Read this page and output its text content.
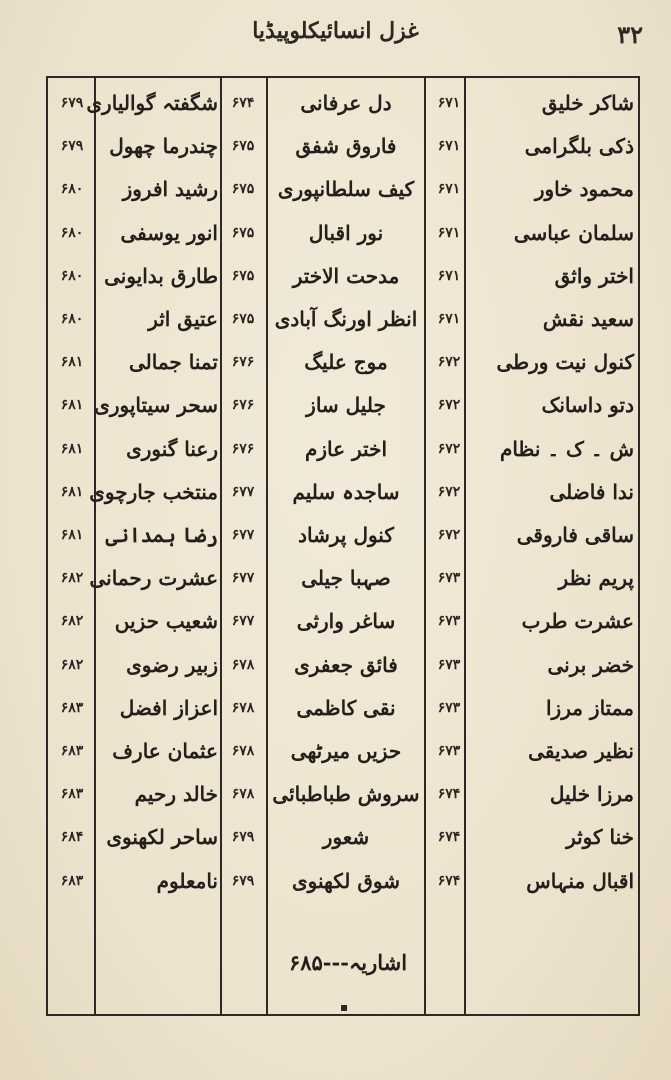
غزل انسائیکلوپیڈیا	۳۲
شاکر خلیق
۶۷۱
دل عرفانی
۶۷۴
شگفتہ گوالیاری
۶۷۹
ذکی بلگرامی
۶۷۱
فاروق شفق
۶۷۵
چندرما چھول
۶۷۹
محمود خاور
۶۷۱
کیف سلطانپوری
۶۷۵
رشید افروز
۶۸۰
سلمان عباسی
۶۷۱
نور اقبال
۶۷۵
انور یوسفی
۶۸۰
اختر واثق
۶۷۱
مدحت الاختر
۶۷۵
طارق بدایونی
۶۸۰
سعید نقش
۶۷۱
انظر اورنگ آبادی
۶۷۵
عتیق اثر
۶۸۰
کنول نیت ورطی
۶۷۲
موج علیگ
۶۷۶
تمنا جمالی
۶۸۱
دتو داسانک
۶۷۲
جلیل ساز
۶۷۶
سحر سیتاپوری
۶۸۱
ش ۔ ک ۔ نظام
۶۷۲
اختر عازم
۶۷۶
رعنا گنوری
۶۸۱
ندا فاضلی
۶۷۲
ساجدہ سلیم
۶۷۷
منتخب جارچوی
۶۸۱
ساقی فاروقی
۶۷۲
کنول پرشاد
۶۷۷
رضا ہمدانی
۶۸۱
پریم نظر
۶۷۳
صہبا جیلی
۶۷۷
عشرت رحمانی
۶۸۲
عشرت طرب
۶۷۳
ساغر وارثی
۶۷۷
شعیب حزیں
۶۸۲
خضر برنی
۶۷۳
فائق جعفری
۶۷۸
زبیر رضوی
۶۸۲
ممتاز مرزا
۶۷۳
نقی کاظمی
۶۷۸
اعزاز افضل
۶۸۳
نظیر صدیقی
۶۷۳
حزیں میرٹھی
۶۷۸
عثمان عارف
۶۸۳
مرزا خلیل
۶۷۴
سروش طباطبائی
۶۷۸
خالد رحیم
۶۸۳
خنا کوثر
۶۷۴
شعور
۶۷۹
ساحر لکھنوی
۶۸۴
اقبال منہاس
۶۷۴
شوق لکھنوی
۶۷۹
نامعلوم
۶۸۳
اشاریہ---۶۸۵
▪
